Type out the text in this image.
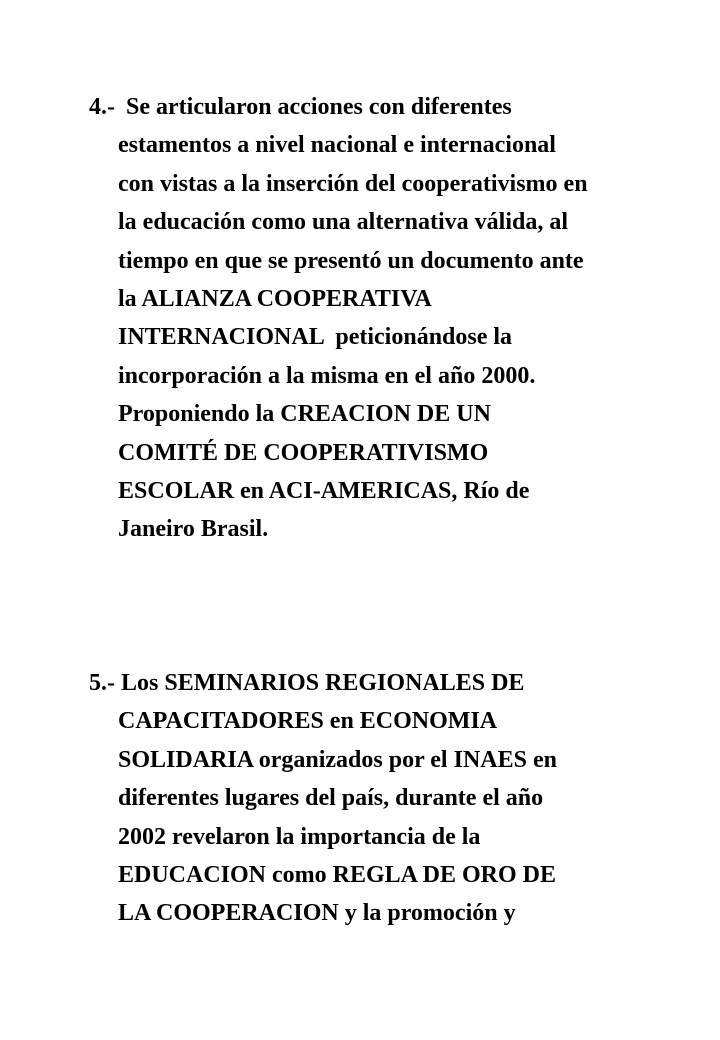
4.- Se articularon acciones con diferentes
estamentos a nivel nacional e internacional
con vistas a la inserción del cooperativismo en
la educación como una alternativa válida, al
tiempo en que se presentó un documento ante
la ALIANZA COOPERATIVA
INTERNACIONAL  peticionándose la
incorporación a la misma en el año 2000.
Proponiendo la CREACION DE UN
COMITÉ DE COOPERATIVISMO
ESCOLAR en ACI-AMERICAS, Río de
Janeiro Brasil.
5.- Los SEMINARIOS REGIONALES DE
CAPACITADORES en ECONOMIA
SOLIDARIA organizados por el INAES en
diferentes lugares del país, durante el año
2002 revelaron la importancia de la
EDUCACION como REGLA DE ORO DE
LA COOPERACION y la promoción y
